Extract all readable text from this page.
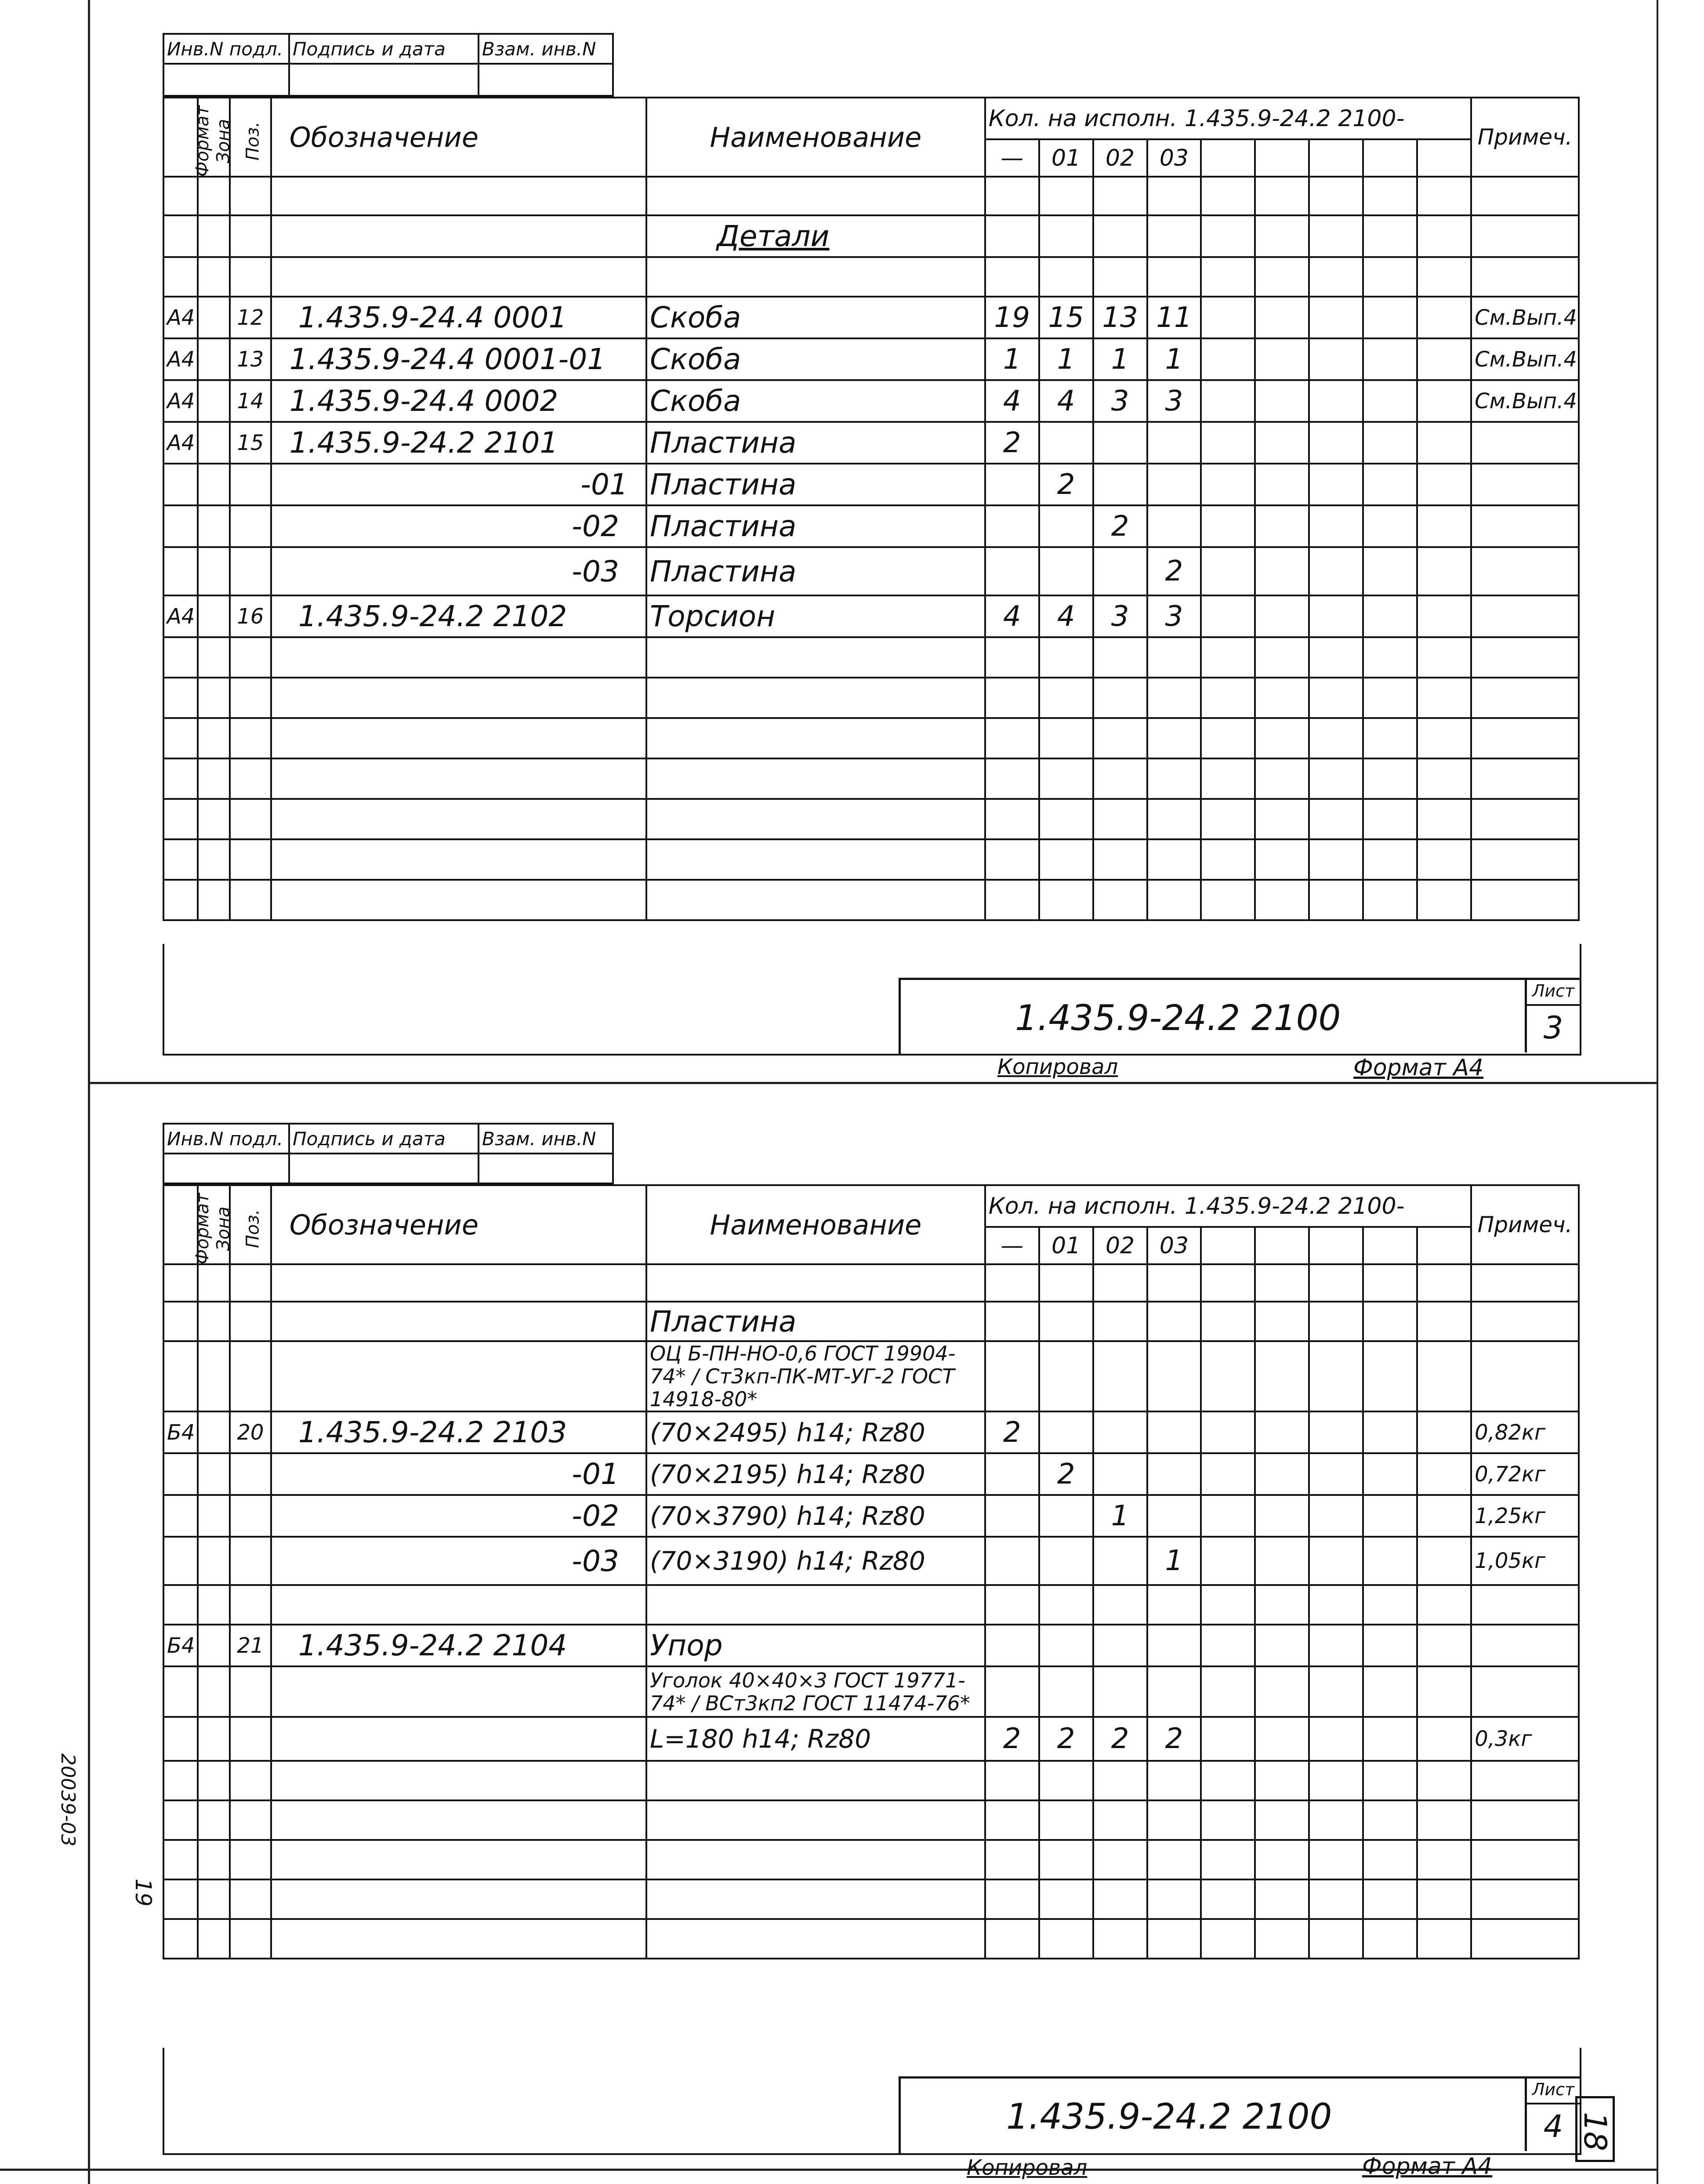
20039-03
19
18
Инв.N подл.	Подпись и дата	Взам. инв.N

Формат	Зона	Поз.	Обозначение	Наименование	Кол. на исполн. 1.435.9-24.2 2100-									Примеч.
					—	01	02	03						

				Детали										

А4		12	1.435.9-24.4 0001	Скоба	19	15	13	11						См.Вып.4
А4		13	1.435.9-24.4 0001-01	Скоба	1	1	1	1						См.Вып.4
А4		14	1.435.9-24.4 0002	Скоба	4	4	3	3						См.Вып.4
А4		15	1.435.9-24.2 2101	Пластина	2									
			-01	Пластина		2								
			-02	Пластина			2							
			-03	Пластина				2						
А4		16	1.435.9-24.2 2102	Торсион	4	4	3	3						

1.435.9-24.2 2100
Лист
3
Копировал	Формат А4
Инв.N подл.	Подпись и дата	Взам. инв.N

Формат	Зона	Поз.	Обозначение	Наименование	Кол. на исполн. 1.435.9-24.2 2100-									Примеч.
					—	01	02	03						

				Пластина										
				ОЦ Б-ПН-НО-0,6 ГОСТ 19904-74* / Ст3кп-ПК-МТ-УГ-2 ГОСТ 14918-80*										
Б4		20	1.435.9-24.2 2103	(70×2495) h14; Rz80	2									0,82кг
			-01	(70×2195) h14; Rz80		2								0,72кг
			-02	(70×3790) h14; Rz80			1							1,25кг
			-03	(70×3190) h14; Rz80				1						1,05кг

Б4		21	1.435.9-24.2 2104	Упор										
				Уголок 40×40×3 ГОСТ 19771-74* / ВСт3кп2 ГОСТ 11474-76*										
				L=180 h14; Rz80	2	2	2	2						0,3кг

1.435.9-24.2 2100
Лист
4
Копировал	Формат А4
